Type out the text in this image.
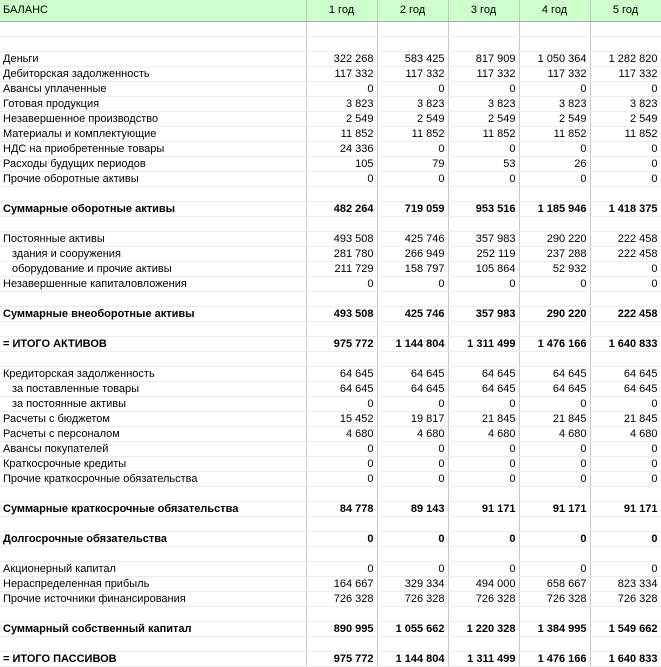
БАЛАНС	1 год	2 год	3 год	4 год	5 год

Деньги	322 268	583 425	817 909	1 050 364	1 282 820
Дебиторская задолженность	117 332	117 332	117 332	117 332	117 332
Авансы уплаченные	0	0	0	0	0
Готовая продукция	3 823	3 823	3 823	3 823	3 823
Незавершенное производство	2 549	2 549	2 549	2 549	2 549
Материалы и комплектующие	11 852	11 852	11 852	11 852	11 852
НДС на приобретенные товары	24 336	0	0	0	0
Расходы будущих периодов	105	79	53	26	0
Прочие оборотные активы	0	0	0	0	0

Суммарные оборотные активы	482 264	719 059	953 516	1 185 946	1 418 375

Постоянные активы	493 508	425 746	357 983	290 220	222 458
здания и сооружения	281 780	266 949	252 119	237 288	222 458
оборудование и прочие активы	211 729	158 797	105 864	52 932	0
Незавершенные капиталовложения	0	0	0	0	0

Суммарные внеоборотные активы	493 508	425 746	357 983	290 220	222 458

= ИТОГО АКТИВОВ	975 772	1 144 804	1 311 499	1 476 166	1 640 833

Кредиторская задолженность	64 645	64 645	64 645	64 645	64 645
за поставленные товары	64 645	64 645	64 645	64 645	64 645
за постоянные активы	0	0	0	0	0
Расчеты с бюджетом	15 452	19 817	21 845	21 845	21 845
Расчеты с персоналом	4 680	4 680	4 680	4 680	4 680
Авансы покупателей	0	0	0	0	0
Краткосрочные кредиты	0	0	0	0	0
Прочие краткосрочные обязательства	0	0	0	0	0

Суммарные краткосрочные обязательства	84 778	89 143	91 171	91 171	91 171

Долгосрочные обязательства	0	0	0	0	0

Акционерный капитал	0	0	0	0	0
Нераспределенная прибыль	164 667	329 334	494 000	658 667	823 334
Прочие источники финансирования	726 328	726 328	726 328	726 328	726 328

Суммарный собственный капитал	890 995	1 055 662	1 220 328	1 384 995	1 549 662

= ИТОГО ПАССИВОВ	975 772	1 144 804	1 311 499	1 476 166	1 640 833
